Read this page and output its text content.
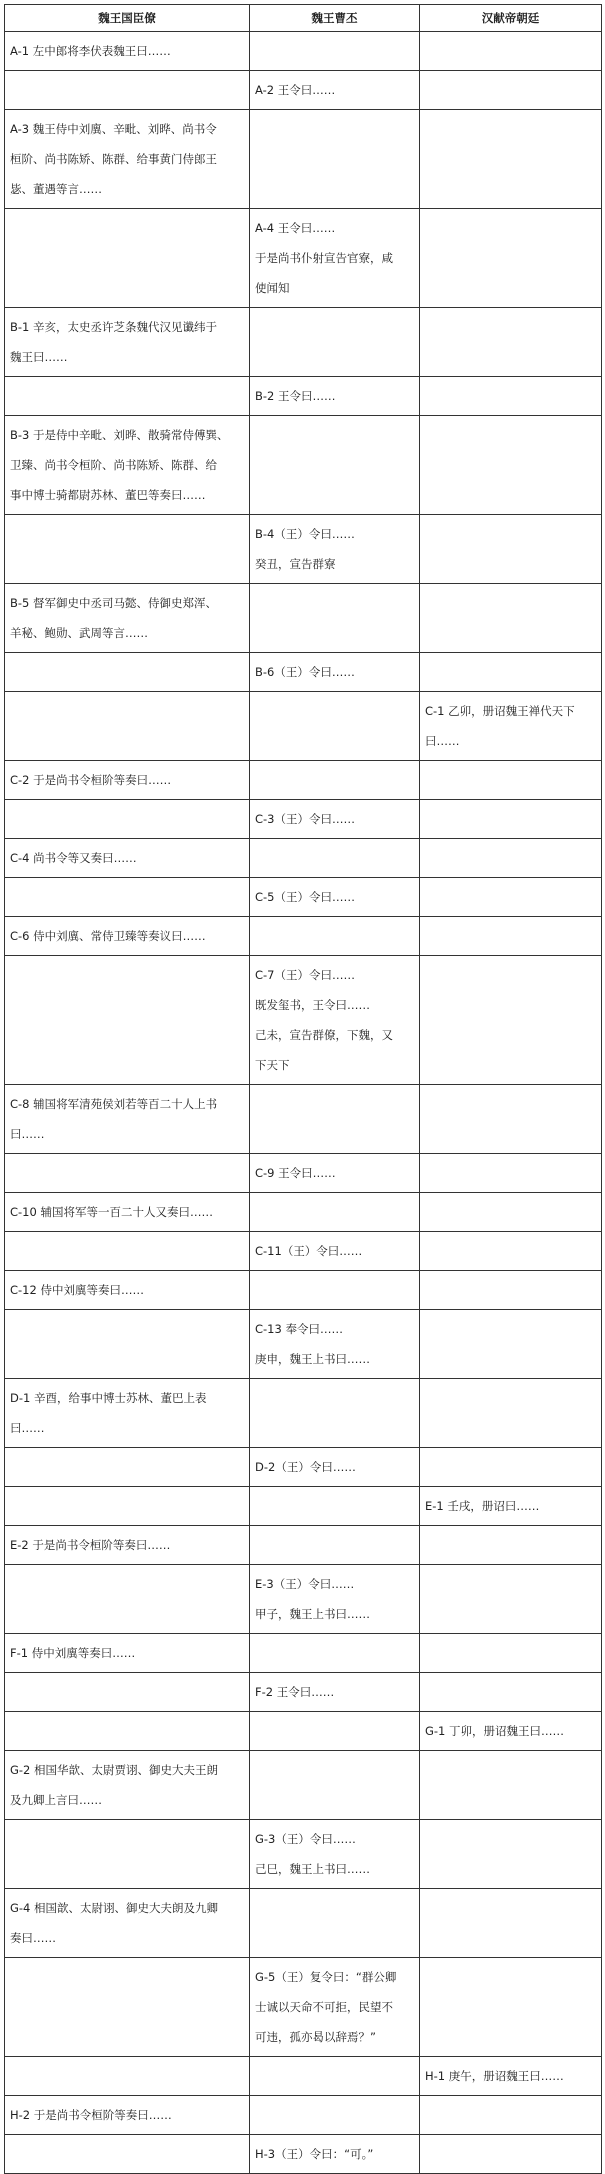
魏王国臣僚	魏王曹丕	汉献帝朝廷

A-1 左中郎将李伏表魏王曰……		

	A-2 王令曰……	

A-3 魏王侍中刘廙、辛毗、刘晔、尚书令
桓阶、尚书陈矫、陈群、给事黄门侍郎王
毖、董遇等言……		

	A-4 王令曰……
于是尚书仆射宣告官寮，咸
使闻知	

B-1 辛亥，太史丞许芝条魏代汉见谶纬于
魏王曰……		

	B-2 王令曰……	

B-3 于是侍中辛毗、刘晔、散骑常侍傅巽、
卫臻、尚书令桓阶、尚书陈矫、陈群、给
事中博士骑都尉苏林、董巴等奏曰……		

	B-4（王）令曰……
癸丑，宣告群寮	

B-5 督军御史中丞司马懿、侍御史郑浑、
羊秘、鲍勋、武周等言……		

	B-6（王）令曰……	

		C-1 乙卯，册诏魏王禅代天下
曰……

C-2 于是尚书令桓阶等奏曰……		

	C-3（王）令曰……	

C-4 尚书令等又奏曰……		

	C-5（王）令曰……	

C-6 侍中刘廙、常侍卫臻等奏议曰……		

	C-7（王）令曰……
既发玺书，王令曰……
己未，宣告群僚，下魏，又
下天下	

C-8 辅国将军清苑侯刘若等百二十人上书
曰……		

	C-9 王令曰……	

C-10 辅国将军等一百二十人又奏曰……		

	C-11（王）令曰……	

C-12 侍中刘廙等奏曰……		

	C-13 奉令曰……
庚申，魏王上书曰……	

D-1 辛酉，给事中博士苏林、董巴上表
曰……		

	D-2（王）令曰……	

		E-1 壬戌，册诏曰……

E-2 于是尚书令桓阶等奏曰……		

	E-3（王）令曰……
甲子，魏王上书曰……	

F-1 侍中刘廙等奏曰……		

	F-2 王令曰……	

		G-1 丁卯，册诏魏王曰……

G-2 相国华歆、太尉贾诩、御史大夫王朗
及九卿上言曰……		

	G-3（王）令曰……
己巳，魏王上书曰……	

G-4 相国歆、太尉诩、御史大夫朗及九卿
奏曰……		

	G-5（王）复令曰：“群公卿
士诚以天命不可拒，民望不
可违，孤亦曷以辞焉？”	

		H-1 庚午，册诏魏王曰……

H-2 于是尚书令桓阶等奏曰……		

	H-3（王）令曰：“可。”	
